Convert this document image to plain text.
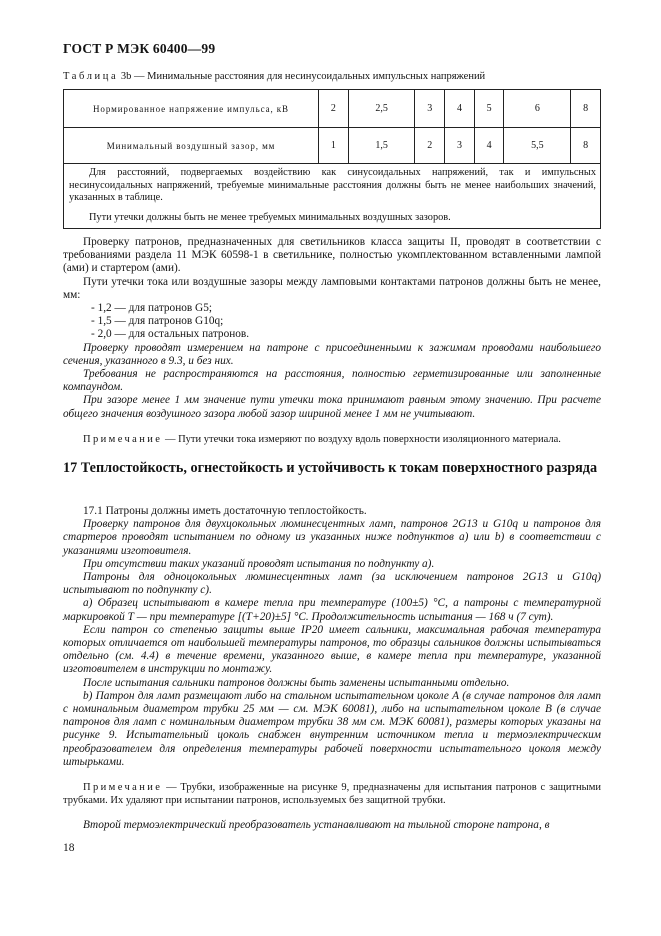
ГОСТ Р МЭК 60400—99
Таблица 3b — Минимальные расстояния для несинусоидальных импульсных напряжений
Нормированное напряжение импульса, кВ	2	2,5	3	4	5	6	8
Минимальный воздушный зазор, мм	1	1,5	2	3	4	5,5	8

Для расстояний, подвергаемых воздействию как синусоидальных напряжений, так и импульсных несинусоидальных напряжений, требуемые минимальные расстояния должны быть не менее наибольших значений, указанных в таблице.

Пути утечки должны быть не менее требуемых минимальных воздушных зазоров.							

Проверку патронов, предназначенных для светильников класса защиты II, проводят в соответствии с требованиями раздела 11 МЭК 60598-1 в светильнике, полностью укомплектованном вставленными лампой (ами) и стартером (ами).

Пути утечки тока или воздушные зазоры между ламповыми контактами патронов должны быть не менее, мм:

- 1,2 — для патронов G5;

- 1,5 — для патронов G10q;

- 2,0 — для остальных патронов.

Проверку проводят измерением на патроне с присоединенными к зажимам проводами наибольшего сечения, указанного в 9.3, и без них.

Требования не распространяются на расстояния, полностью герметизированные или заполненные компаундом.

При зазоре менее 1 мм значение пути утечки тока принимают равным этому значению. При расчете общего значения воздушного зазора любой зазор шириной менее 1 мм не учитывают.

Примечание — Пути утечки тока измеряют по воздуху вдоль поверхности изоляционного материала.

17 Теплостойкость, огнестойкость и устойчивость к токам поверхностного разряда

17.1 Патроны должны иметь достаточную теплостойкость.

Проверку патронов для двухцокольных люминесцентных ламп, патронов 2G13 и G10q и патронов для стартеров проводят испытанием по одному из указанных ниже подпунктов а) или b) в соответствии с указаниями изготовителя.

При отсутствии таких указаний проводят испытания по подпункту а).

Патроны для одноцокольных люминесцентных ламп (за исключением патронов 2G13 и G10q) испытывают по подпункту с).

а) Образец испытывают в камере тепла при температуре (100±5) °С, а патроны с температурной маркировкой Т — при температуре [(Т+20)±5] °С. Продолжительность испытания — 168 ч (7 сут).

Если патрон со степенью защиты выше IP20 имеет сальники, максимальная рабочая температура которых отличается от наибольшей температуры патронов, то образцы сальников должны испытываться отдельно (см. 4.4) в течение времени, указанного выше, в камере тепла при температуре, указанной изготовителем в инструкции по монтажу.

После испытания сальники патронов должны быть заменены испытанными отдельно.

b) Патрон для ламп размещают либо на стальном испытательном цоколе А (в случае патронов для ламп с номинальным диаметром трубки 25 мм — см. МЭК 60081), либо на испытательном цоколе В (в случае патронов для ламп с номинальным диаметром трубки 38 мм см. МЭК 60081), размеры которых указаны на рисунке 9. Испытательный цоколь снабжен внутренним источником тепла и термоэлектрическим преобразователем для определения температуры рабочей поверхности испытательного цоколя между штырьками.

Примечание — Трубки, изображенные на рисунке 9, предназначены для испытания патронов с защитными трубками. Их удаляют при испытании патронов, используемых без защитной трубки.

Второй термоэлектрический преобразователь устанавливают на тыльной стороне патрона, в

18
